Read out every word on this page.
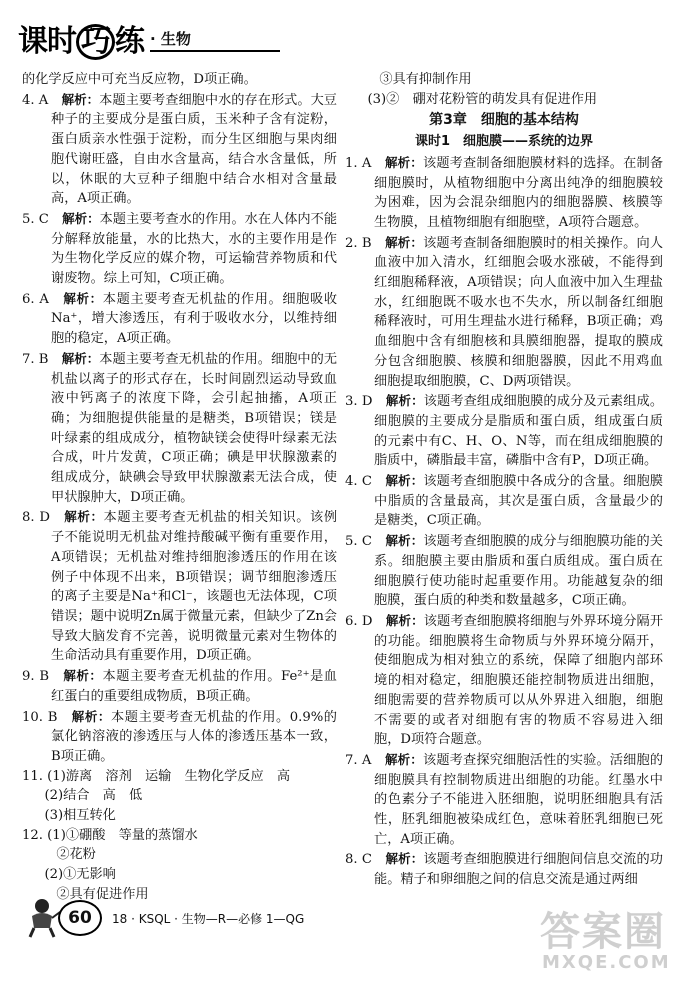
课时 巧 练 · 生物

的化学反应中可充当反应物，D项正确。

4. A　 解析：本题主要考查细胞中水的存在形式。大豆种子的主要成分是蛋白质，玉米种子含有淀粉，蛋白质亲水性强于淀粉，而分生区细胞与果肉细胞代谢旺盛，自由水含量高，结合水含量低，所以，休眠的大豆种子细胞中结合水相对含量最高，A项正确。

5. C　 解析：本题主要考查水的作用。水在人体内不能分解释放能量，水的比热大，水的主要作用是作为生物化学反应的媒介物，可运输营养物质和代谢废物。综上可知，C项正确。

6. A　 解析：本题主要考查无机盐的作用。细胞吸收Na⁺，增大渗透压，有利于吸收水分，以维持细胞的稳定，A项正确。

7. B　 解析：本题主要考查无机盐的作用。细胞中的无机盐以离子的形式存在，长时间剧烈运动导致血液中钙离子的浓度下降，会引起抽搐，A项正确；为细胞提供能量的是糖类，B项错误；镁是叶绿素的组成成分，植物缺镁会使得叶绿素无法合成，叶片发黄，C项正确；碘是甲状腺激素的组成成分，缺碘会导致甲状腺激素无法合成，使甲状腺肿大，D项正确。

8. D　 解析：本题主要考查无机盐的相关知识。该例子不能说明无机盐对维持酸碱平衡有重要作用，A项错误；无机盐对维持细胞渗透压的作用在该例子中体现不出来，B项错误；调节细胞渗透压的离子主要是Na⁺和Cl⁻，该题也无法体现，C项错误；题中说明Zn属于微量元素，但缺少了Zn会导致大脑发育不完善，说明微量元素对生物体的生命活动具有重要作用，D项正确。

9. B　 解析：本题主要考查无机盐的作用。Fe²⁺是血红蛋白的重要组成物质，B项正确。

10. B　 解析：本题主要考查无机盐的作用。0.9%的氯化钠溶液的渗透压与人体的渗透压基本一致，B项正确。

11. (1)游离　溶剂　运输　生物化学反应　高

(2)结合　高　低

(3)相互转化

12. (1)①硼酸　等量的蒸馏水

②花粉

(2)①无影响

②具有促进作用

③具有抑制作用

(3)②　硼对花粉管的萌发具有促进作用

第3章　细胞的基本结构

课时1　细胞膜——系统的边界

1. A　 解析：该题考查制备细胞膜材料的选择。在制备细胞膜时，从植物细胞中分离出纯净的细胞膜较为困难，因为会混杂细胞内的细胞器膜、核膜等生物膜，且植物细胞有细胞壁，A项符合题意。

2. B　 解析：该题考查制备细胞膜时的相关操作。向人血液中加入清水，红细胞会吸水涨破，不能得到红细胞稀释液，A项错误；向人血液中加入生理盐水，红细胞既不吸水也不失水，所以制备红细胞稀释液时，可用生理盐水进行稀释，B项正确；鸡血细胞中含有细胞核和具膜细胞器，提取的膜成分包含细胞膜、核膜和细胞器膜，因此不用鸡血细胞提取细胞膜，C、D两项错误。

3. D　 解析：该题考查组成细胞膜的成分及元素组成。细胞膜的主要成分是脂质和蛋白质，组成蛋白质的元素中有C、H、O、N等，而在组成细胞膜的脂质中，磷脂最丰富，磷脂中含有P，D项正确。

4. C　 解析：该题考查细胞膜中各成分的含量。细胞膜中脂质的含量最高，其次是蛋白质，含量最少的是糖类，C项正确。

5. C　 解析：该题考查细胞膜的成分与细胞膜功能的关系。细胞膜主要由脂质和蛋白质组成。蛋白质在细胞膜行使功能时起重要作用。功能越复杂的细胞膜，蛋白质的种类和数量越多，C项正确。

6. D　 解析：该题考查细胞膜将细胞与外界环境分隔开的功能。细胞膜将生命物质与外界环境分隔开，使细胞成为相对独立的系统，保障了细胞内部环境的相对稳定，细胞膜还能控制物质进出细胞，细胞需要的营养物质可以从外界进入细胞，细胞不需要的或者对细胞有害的物质不容易进入细胞，D项符合题意。

7. A　 解析：该题考查探究细胞活性的实验。活细胞的细胞膜具有控制物质进出细胞的功能。红墨水中的色素分子不能进入胚细胞，说明胚细胞具有活性，胚乳细胞被染成红色，意味着胚乳细胞已死亡，A项正确。

8. C　 解析：该题考查细胞膜进行细胞间信息交流的功能。精子和卵细胞之间的信息交流是通过两细

60	18 · KSQL · 生物—R—必修 1—QG	答案圈
MXQE.COM
